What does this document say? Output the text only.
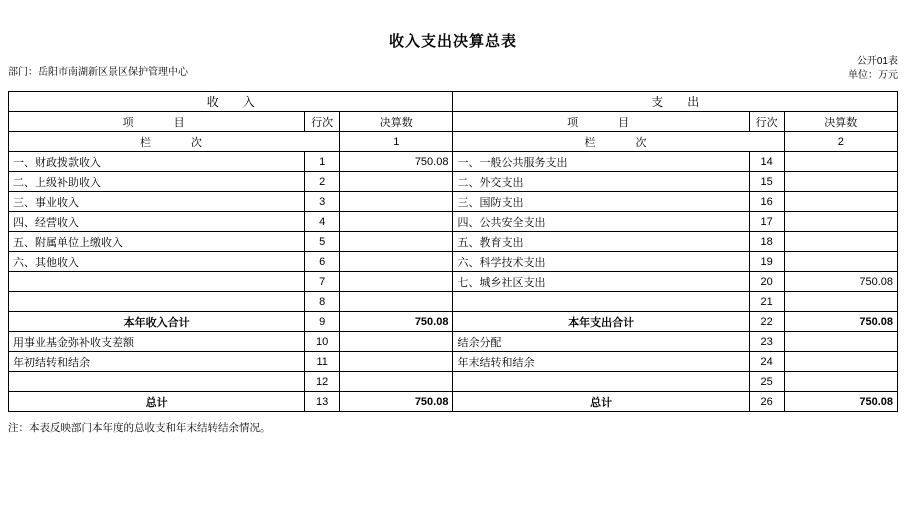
收入支出决算总表
部门：岳阳市南湖新区景区保护管理中心
公开01表
单位：万元
收　　入			支　　出		
项　　目	行次	决算数	项　　目	行次	决算数
栏　　次		1	栏　　次		2
一、财政拨款收入	1	750.08	一、一般公共服务支出	14	
二、上级补助收入	2		二、外交支出	15	
三、事业收入	3		三、国防支出	16	
四、经营收入	4		四、公共安全支出	17	
五、附属单位上缴收入	5		五、教育支出	18	
六、其他收入	6		六、科学技术支出	19	
	7		七、城乡社区支出	20	750.08
	8			21	
本年收入合计	9	750.08	本年支出合计	22	750.08
用事业基金弥补收支差额	10		结余分配	23	
年初结转和结余	11		年末结转和结余	24	
	12			25	
总计	13	750.08	总计	26	750.08
注：本表反映部门本年度的总收支和年末结转结余情况。
